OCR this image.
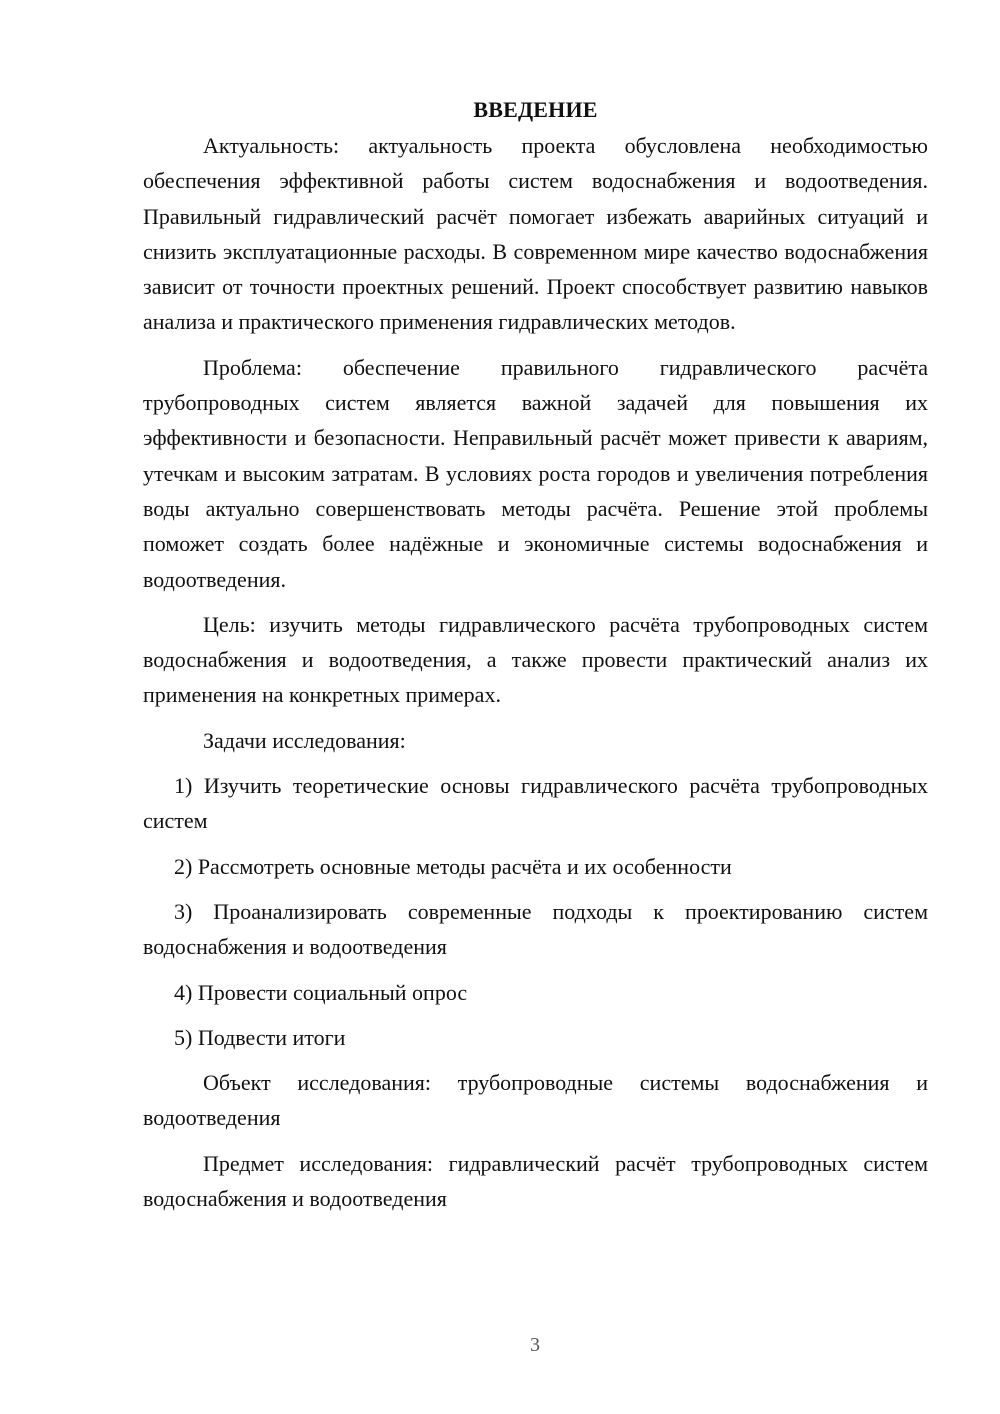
ВВЕДЕНИЕ

Актуальность: актуальность проекта обусловлена необходимостью обеспечения эффективной работы систем водоснабжения и водоотведения. Правильный гидравлический расчёт помогает избежать аварийных ситуаций и снизить эксплуатационные расходы. В современном мире качество водоснабжения зависит от точности проектных решений. Проект способствует развитию навыков анализа и практического применения гидравлических методов.

Проблема: обеспечение правильного гидравлического расчёта трубопроводных систем является важной задачей для повышения их эффективности и безопасности. Неправильный расчёт может привести к авариям, утечкам и высоким затратам. В условиях роста городов и увеличения потребления воды актуально совершенствовать методы расчёта. Решение этой проблемы поможет создать более надёжные и экономичные системы водоснабжения и водоотведения.

Цель: изучить методы гидравлического расчёта трубопроводных систем водоснабжения и водоотведения, а также провести практический анализ их применения на конкретных примерах.

Задачи исследования:

1) Изучить теоретические основы гидравлического расчёта трубопроводных систем

2) Рассмотреть основные методы расчёта и их особенности

3) Проанализировать современные подходы к проектированию систем водоснабжения и водоотведения

4) Провести социальный опрос

5) Подвести итоги

Объект исследования: трубопроводные системы водоснабжения и водоотведения

Предмет исследования: гидравлический расчёт трубопроводных систем водоснабжения и водоотведения

3
